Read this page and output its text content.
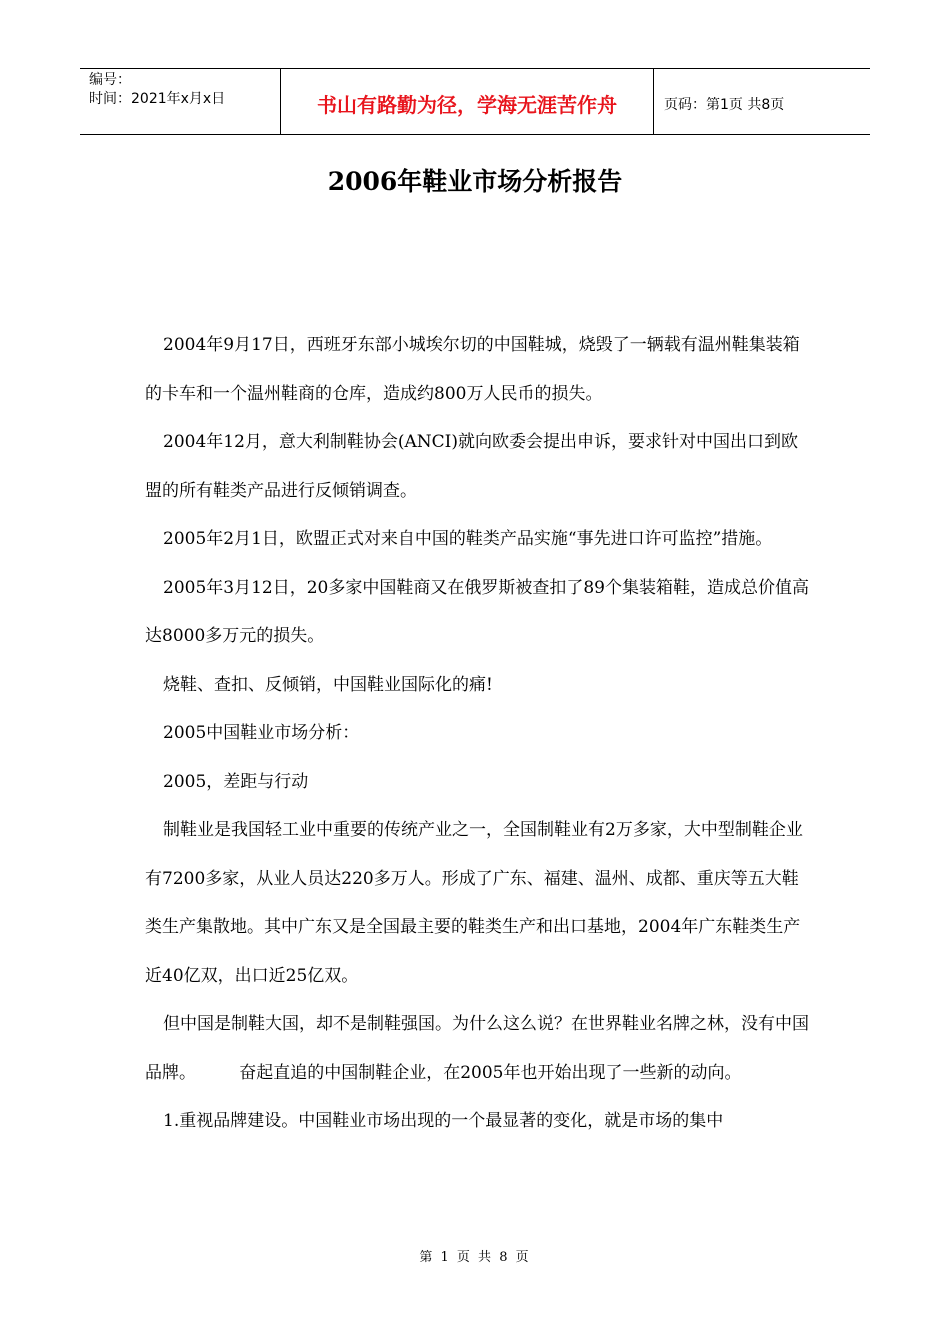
编号：
时间：2021年x月x日	书山有路勤为径，学海无涯苦作舟	页码：第1页 共8页
2006年鞋业市场分析报告

2004年9月17日，西班牙东部小城埃尔切的中国鞋城，烧毁了一辆载有温州鞋集装箱的卡车和一个温州鞋商的仓库，造成约800万人民币的损失。

2004年12月，意大利制鞋协会(ANCI)就向欧委会提出申诉，要求针对中国出口到欧盟的所有鞋类产品进行反倾销调查。

2005年2月1日，欧盟正式对来自中国的鞋类产品实施“事先进口许可监控”措施。

2005年3月12日，20多家中国鞋商又在俄罗斯被查扣了89个集装箱鞋，造成总价值高达8000多万元的损失。

烧鞋、查扣、反倾销，中国鞋业国际化的痛!

2005中国鞋业市场分析：

2005，差距与行动

制鞋业是我国轻工业中重要的传统产业之一，全国制鞋业有2万多家，大中型制鞋企业有7200多家，从业人员达220多万人。形成了广东、福建、温州、成都、重庆等五大鞋类生产集散地。其中广东又是全国最主要的鞋类生产和出口基地，2004年广东鞋类生产近40亿双，出口近25亿双。

但中国是制鞋大国，却不是制鞋强国。为什么这么说？在世界鞋业名牌之林，没有中国品牌。        奋起直追的中国制鞋企业，在2005年也开始出现了一些新的动向。

1.重视品牌建设。中国鞋业市场出现的一个最显著的变化，就是市场的集中

第 1 页 共 8 页
